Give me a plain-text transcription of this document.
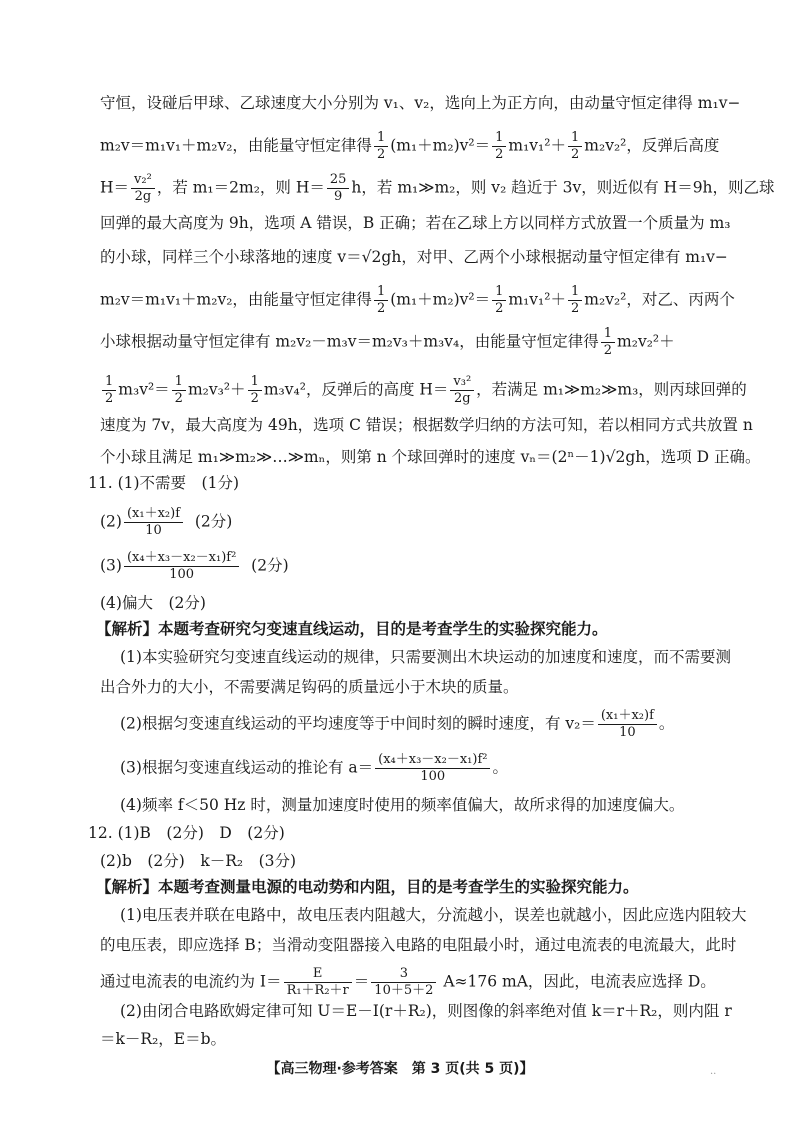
守恒，设碰后甲球、乙球速度大小分别为 v₁、v₂，选向上为正方向，由动量守恒定律得 m₁v−
m₂v＝m₁v₁＋m₂v₂，由能量守恒定律得 $\frac{1}{2} (m_1+m_2)v^2= \frac{1}{2} m_1v_1^2+ \frac{1}{2} m_2v_2^2$，反弹后高度
$H= \frac{\text{v₂²}}{2g}$ ，若 m₁＝2m₂，则 $H= \frac{25}{9}$ h，若 m₁≫m₂，则 v₂ 趋近于 3v，则近似有 H＝9h，则乙球
回弹的最大高度为 9h，选项 A 错误，B 正确；若在乙球上方以同样方式放置一个质量为 m₃
的小球，同样三个小球落地的速度 v＝√2gh，对甲、乙两个小球根据动量守恒定律有 m₁v−
m₂v＝m₁v₁＋m₂v₂，由能量守恒定律得 $\frac{1}{2} (m_1+m_2)v^2= \frac{1}{2} m_1v_1^2+ \frac{1}{2} m_2v_2^2$，对乙、丙两个
小球根据动量守恒定律有 m₂v₂－m₃v＝m₂v₃＋m₃v₄，由能量守恒定律得 $\frac{1}{2} m_2v_2^2+$
$\frac{1}{2} m_3v^2= \frac{1}{2} m_2v_3^2+ \frac{1}{2} m_3v_4^2$，反弹后的高度 $H= \frac{\text{v₃²}}{2g}$ ，若满足 m₁≫m₂≫m₃，则丙球回弹的
速度为 7v，最大高度为 49h，选项 C 错误；根据数学归纳的方法可知，若以相同方式共放置 n
个小球且满足 m₁≫m₂≫…≫mₙ，则第 n 个球回弹时的速度 vₙ＝(2ⁿ－1)√2gh，选项 D 正确。
11. (1)不需要　(1分)
$(2) \frac{\text{(x₁＋x₂)f}}{10} (2$分)
$(3) \frac{\text{(x₄＋x₃－x₂－x₁)f²}}{100} (2$分)
(4)偏大　(2分)
【解析】本题考查研究匀变速直线运动，目的是考查学生的实验探究能力。
(1)本实验研究匀变速直线运动的规律，只需要测出木块运动的加速度和速度，而不需要测
出合外力的大小，不需要满足钩码的质量远小于木块的质量。
(2)根据匀变速直线运动的平均速度等于中间时刻的瞬时速度，有 $v_2= \frac{\text{(x₁＋x₂)f}}{10}$ 。
(3)根据匀变速直线运动的推论有 $a= \frac{\text{(x₄＋x₃－x₂－x₁)f²}}{100}$ 。
(4)频率 f＜50 Hz 时，测量加速度时使用的频率值偏大，故所求得的加速度偏大。
12. (1)B　(2分)　D　(2分)
(2)b　(2分)　k－R₂　(3分)
【解析】本题考查测量电源的电动势和内阻，目的是考查学生的实验探究能力。
(1)电压表并联在电路中，故电压表内阻越大，分流越小，误差也就越小，因此应选内阻较大
的电压表，即应选择 B；当滑动变阻器接入电路的电阻最小时，通过电流表的电流最大，此时
通过电流表的电流约为 $I= \frac{E}{\text{R₁＋R₂＋r}} = \frac{3}{10+5+2} A\approx 176$ mA，因此，电流表应选择 D。
(2)由闭合电路欧姆定律可知 U＝E－I(r＋R₂)，则图像的斜率绝对值 k＝r＋R₂，则内阻 r
＝k－R₂，E＝b。
【高三物理·参考答案　第 3 页(共 5 页)】	..
